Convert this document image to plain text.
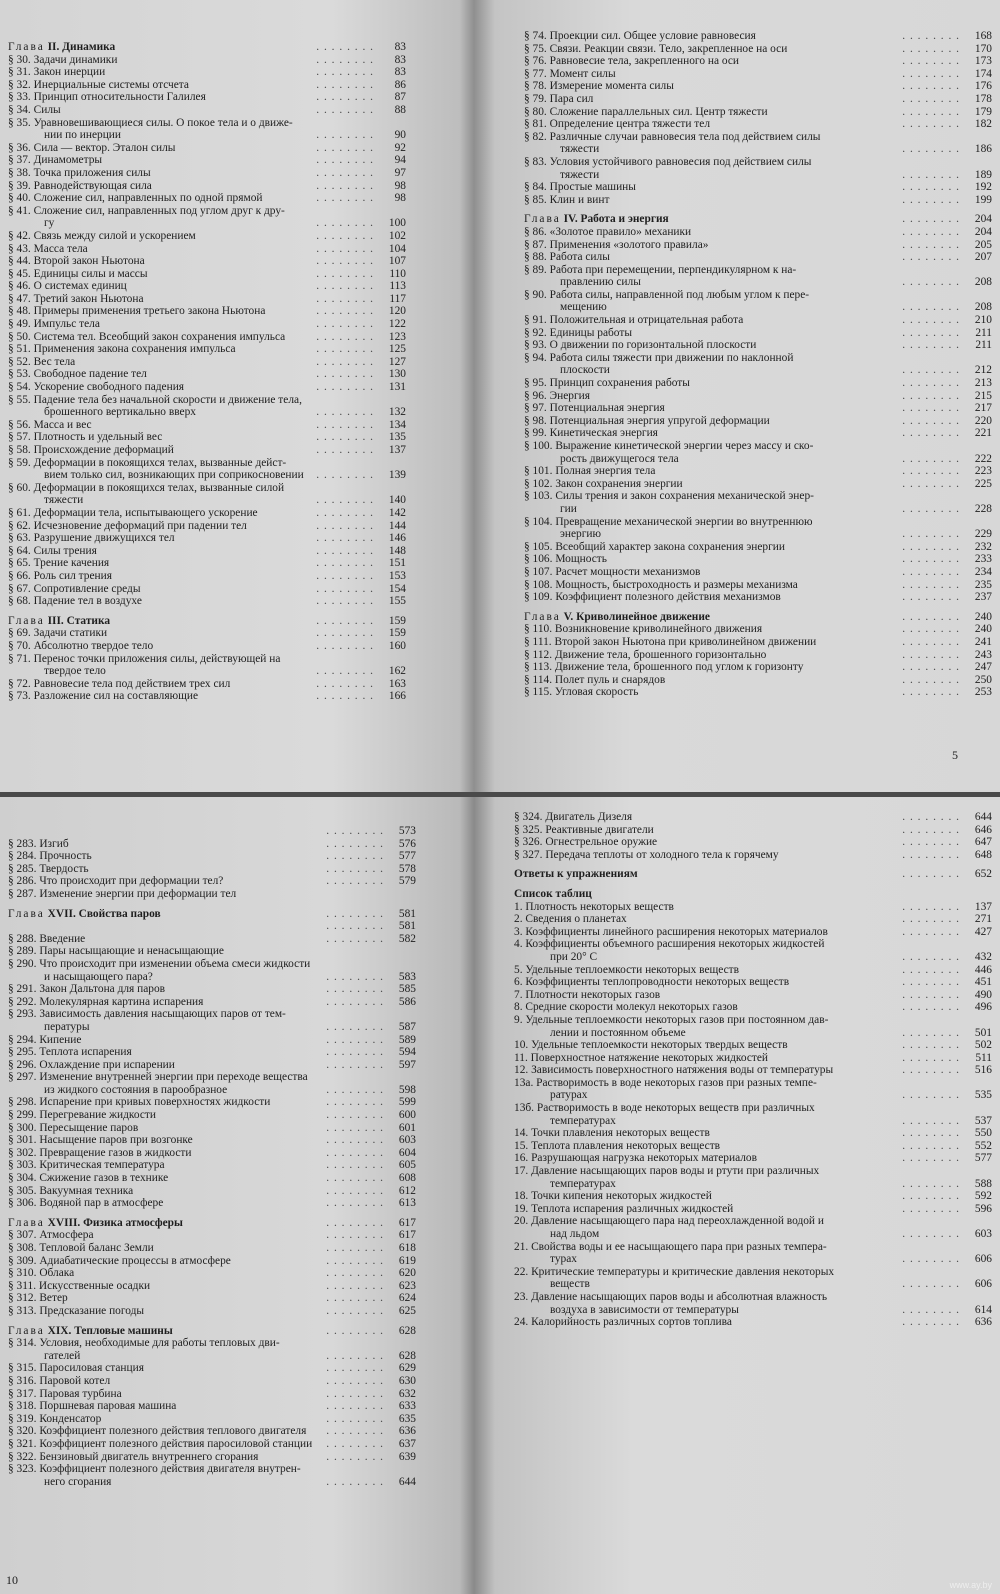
Глава II. Динамика	. . . . . . . . 83
§ 30. Задачи динамики	. . . . . . . . 83
§ 31. Закон инерции	. . . . . . . . 83
§ 32. Инерциальные системы отсчета	. . . . . . . . 86
§ 33. Принцип относительности Галилея	. . . . . . . . 87
§ 34. Силы	. . . . . . . . 88
§ 35. Уравновешивающиеся силы. О покое тела и о движе-
нии по инерции	. . . . . . . . 90
§ 36. Сила — вектор. Эталон силы	. . . . . . . . 92
§ 37. Динамометры	. . . . . . . . 94
§ 38. Точка приложения силы	. . . . . . . . 97
§ 39. Равнодействующая сила	. . . . . . . . 98
§ 40. Сложение сил, направленных по одной прямой	. . . . . . . . 98
§ 41. Сложение сил, направленных под углом друг к дру-
гу	. . . . . . . . 100
§ 42. Связь между силой и ускорением	. . . . . . . . 102
§ 43. Масса тела	. . . . . . . . 104
§ 44. Второй закон Ньютона	. . . . . . . . 107
§ 45. Единицы силы и массы	. . . . . . . . 110
§ 46. О системах единиц	. . . . . . . . 113
§ 47. Третий закон Ньютона	. . . . . . . . 117
§ 48. Примеры применения третьего закона Ньютона	. . . . . . . . 120
§ 49. Импульс тела	. . . . . . . . 122
§ 50. Система тел. Всеобщий закон сохранения импульса	. . . . . . . . 123
§ 51. Применения закона сохранения импульса	. . . . . . . . 125
§ 52. Вес тела	. . . . . . . . 127
§ 53. Свободное падение тел	. . . . . . . . 130
§ 54. Ускорение свободного падения	. . . . . . . . 131
§ 55. Падение тела без начальной скорости и движение тела,
брошенного вертикально вверх	. . . . . . . . 132
§ 56. Масса и вес	. . . . . . . . 134
§ 57. Плотность и удельный вес	. . . . . . . . 135
§ 58. Происхождение деформаций	. . . . . . . . 137
§ 59. Деформации в покоящихся телах, вызванные дейст-
вием только сил, возникающих при соприкосновении . . . . . . . . 139
§ 60. Деформации в покоящихся телах, вызванные силой
тяжести	. . . . . . . . 140
§ 61. Деформации тела, испытывающего ускорение	. . . . . . . . 142
§ 62. Исчезновение деформаций при падении тел	. . . . . . . . 144
§ 63. Разрушение движущихся тел	. . . . . . . . 146
§ 64. Силы трения	. . . . . . . . 148
§ 65. Трение качения	. . . . . . . . 151
§ 66. Роль сил трения	. . . . . . . . 153
§ 67. Сопротивление среды	. . . . . . . . 154
§ 68. Падение тел в воздухе	. . . . . . . . 155
Глава III. Статика	. . . . . . . . 159
§ 69. Задачи статики	. . . . . . . . 159
§ 70. Абсолютно твердое тело	. . . . . . . . 160
§ 71. Перенос точки приложения силы, действующей на
твердое тело	. . . . . . . . 162
§ 72. Равновесие тела под действием трех сил	. . . . . . . . 163
§ 73. Разложение сил на составляющие	. . . . . . . . 166
§ 74. Проекции сил. Общее условие равновесия	. . . . . . . . 168
§ 75. Связи. Реакции связи. Тело, закрепленное на оси	. . . . . . . . 170
§ 76. Равновесие тела, закрепленного на оси	. . . . . . . . 173
§ 77. Момент силы	. . . . . . . . 174
§ 78. Измерение момента силы	. . . . . . . . 176
§ 79. Пара сил	. . . . . . . . 178
§ 80. Сложение параллельных сил. Центр тяжести	. . . . . . . . 179
§ 81. Определение центра тяжести тел	. . . . . . . . 182
§ 82. Различные случаи равновесия тела под действием силы
тяжести	. . . . . . . . 186
§ 83. Условия устойчивого равновесия под действием силы
тяжести	. . . . . . . . 189
§ 84. Простые машины	. . . . . . . . 192
§ 85. Клин и винт	. . . . . . . . 199
Глава IV. Работа и энергия	. . . . . . . . 204
§ 86. «Золотое правило» механики	. . . . . . . . 204
§ 87. Применения «золотого правила»	. . . . . . . . 205
§ 88. Работа силы	. . . . . . . . 207
§ 89. Работа при перемещении, перпендикулярном к на-
правлению силы	. . . . . . . . 208
§ 90. Работа силы, направленной под любым углом к пере-
мещению	. . . . . . . . 208
§ 91. Положительная и отрицательная работа	. . . . . . . . 210
§ 92. Единицы работы	. . . . . . . . 211
§ 93. О движении по горизонтальной плоскости	. . . . . . . . 211
§ 94. Работа силы тяжести при движении по наклонной
плоскости	. . . . . . . . 212
§ 95. Принцип сохранения работы	. . . . . . . . 213
§ 96. Энергия	. . . . . . . . 215
§ 97. Потенциальная энергия	. . . . . . . . 217
§ 98. Потенциальная энергия упругой деформации	. . . . . . . . 220
§ 99. Кинетическая энергия	. . . . . . . . 221
§ 100. Выражение кинетической энергии через массу и ско-
рость движущегося тела	. . . . . . . . 222
§ 101. Полная энергия тела	. . . . . . . . 223
§ 102. Закон сохранения энергии	. . . . . . . . 225
§ 103. Силы трения и закон сохранения механической энер-
гии	. . . . . . . . 228
§ 104. Превращение механической энергии во внутреннюю
энергию	. . . . . . . . 229
§ 105. Всеобщий характер закона сохранения энергии	. . . . . . . . 232
§ 106. Мощность	. . . . . . . . 233
§ 107. Расчет мощности механизмов	. . . . . . . . 234
§ 108. Мощность, быстроходность и размеры механизма	. . . . . . . . 235
§ 109. Коэффициент полезного действия механизмов	. . . . . . . . 237
Глава V. Криволинейное движение	. . . . . . . . 240
§ 110. Возникновение криволинейного движения	. . . . . . . . 240
§ 111. Второй закон Ньютона при криволинейном движении	. . . . . . . . 241
§ 112. Движение тела, брошенного горизонтально	. . . . . . . . 243
§ 113. Движение тела, брошенного под углом к горизонту	. . . . . . . . 247
§ 114. Полет пуль и снарядов	. . . . . . . . 250
§ 115. Угловая скорость	. . . . . . . . 253
5
. . . . . . . . 573
§ 283. Изгиб	. . . . . . . . 576
§ 284. Прочность	. . . . . . . . 577
§ 285. Твердость	. . . . . . . . 578
§ 286. Что происходит при деформации тел?	. . . . . . . . 579
§ 287. Изменение энергии при деформации тел
Глава XVII. Свойства паров	. . . . . . . . 581
. . . . . . . . 581
§ 288. Введение	. . . . . . . . 582
§ 289. Пары насыщающие и ненасыщающие
§ 290. Что происходит при изменении объема смеси жидкости
и насыщающего пара?	. . . . . . . . 583
§ 291. Закон Дальтона для паров	. . . . . . . . 585
§ 292. Молекулярная картина испарения	. . . . . . . . 586
§ 293. Зависимость давления насыщающих паров от тем-
пературы	. . . . . . . . 587
§ 294. Кипение	. . . . . . . . 589
§ 295. Теплота испарения	. . . . . . . . 594
§ 296. Охлаждение при испарении	. . . . . . . . 597
§ 297. Изменение внутренней энергии при переходе вещества
из жидкого состояния в парообразное	. . . . . . . . 598
§ 298. Испарение при кривых поверхностях жидкости	. . . . . . . . 599
§ 299. Перегревание жидкости	. . . . . . . . 600
§ 300. Пересыщение паров	. . . . . . . . 601
§ 301. Насыщение паров при возгонке	. . . . . . . . 603
§ 302. Превращение газов в жидкости	. . . . . . . . 604
§ 303. Критическая температура	. . . . . . . . 605
§ 304. Сжижение газов в технике	. . . . . . . . 608
§ 305. Вакуумная техника	. . . . . . . . 612
§ 306. Водяной пар в атмосфере	. . . . . . . . 613
Глава XVIII. Физика атмосферы	. . . . . . . . 617
§ 307. Атмосфера	. . . . . . . . 617
§ 308. Тепловой баланс Земли	. . . . . . . . 618
§ 309. Адиабатические процессы в атмосфере	. . . . . . . . 619
§ 310. Облака	. . . . . . . . 620
§ 311. Искусственные осадки	. . . . . . . . 623
§ 312. Ветер	. . . . . . . . 624
§ 313. Предсказание погоды	. . . . . . . . 625
Глава XIX. Тепловые машины	. . . . . . . . 628
§ 314. Условия, необходимые для работы тепловых дви-
гателей	. . . . . . . . 628
§ 315. Паросиловая станция	. . . . . . . . 629
§ 316. Паровой котел	. . . . . . . . 630
§ 317. Паровая турбина	. . . . . . . . 632
§ 318. Поршневая паровая машина	. . . . . . . . 633
§ 319. Конденсатор	. . . . . . . . 635
§ 320. Коэффициент полезного действия теплового двигателя . . . . . . . . 636
§ 321. Коэффициент полезного действия паросиловой станции . . . . . . . . 637
§ 322. Бензиновый двигатель внутреннего сгорания	. . . . . . . . 639
§ 323. Коэффициент полезного действия двигателя внутрен-
него сгорания	. . . . . . . . 644
10
§ 324. Двигатель Дизеля	. . . . . . . . 644
§ 325. Реактивные двигатели	. . . . . . . . 646
§ 326. Огнестрельное оружие	. . . . . . . . 647
§ 327. Передача теплоты от холодного тела к горячему	. . . . . . . . 648
Ответы к упражнениям	. . . . . . . . 652
Список таблиц
1. Плотность некоторых веществ	. . . . . . . . 137
2. Сведения о планетах	. . . . . . . . 271
3. Коэффициенты линейного расширения некоторых материалов	. . . . . . . . 427
4. Коэффициенты объемного расширения некоторых жидкостей
при 20° С	. . . . . . . . 432
5. Удельные теплоемкости некоторых веществ	. . . . . . . . 446
6. Коэффициенты теплопроводности некоторых веществ	. . . . . . . . 451
7. Плотности некоторых газов	. . . . . . . . 490
8. Средние скорости молекул некоторых газов	. . . . . . . . 496
9. Удельные теплоемкости некоторых газов при постоянном дав-
лении и постоянном объеме	. . . . . . . . 501
10. Удельные теплоемкости некоторых твердых веществ	. . . . . . . . 502
11. Поверхностное натяжение некоторых жидкостей	. . . . . . . . 511
12. Зависимость поверхностного натяжения воды от температуры	. . . . . . . . 516
13а. Растворимость в воде некоторых газов при разных темпе-
ратурах	. . . . . . . . 535
13б. Растворимость в воде некоторых веществ при различных
температурах	. . . . . . . . 537
14. Точки плавления некоторых веществ	. . . . . . . . 550
15. Теплота плавления некоторых веществ	. . . . . . . . 552
16. Разрушающая нагрузка некоторых материалов	. . . . . . . . 577
17. Давление насыщающих паров воды и ртути при различных
температурах	. . . . . . . . 588
18. Точки кипения некоторых жидкостей	. . . . . . . . 592
19. Теплота испарения различных жидкостей	. . . . . . . . 596
20. Давление насыщающего пара над переохлажденной водой и
над льдом	. . . . . . . . 603
21. Свойства воды и ее насыщающего пара при разных темпера-
турах	. . . . . . . . 606
22. Критические температуры и критические давления некоторых
веществ	. . . . . . . . 606
23. Давление насыщающих паров воды и абсолютная влажность
воздуха в зависимости от температуры	. . . . . . . . 614
24. Калорийность различных сортов топлива	. . . . . . . . 636
www.ay.by
